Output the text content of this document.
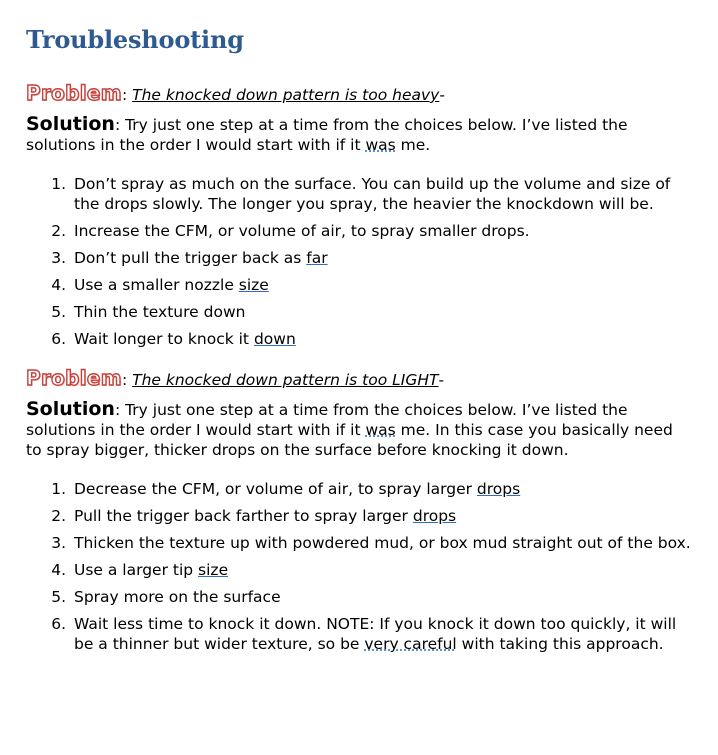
Troubleshooting
Problem: The knocked down pattern is too heavy-
Solution: Try just one step at a time from the choices below. I’ve listed the solutions in the order I would start with if it was me.
1. Don’t spray as much on the surface. You can build up the volume and size of the drops slowly. The longer you spray, the heavier the knockdown will be.
2. Increase the CFM, or volume of air, to spray smaller drops.
3. Don’t pull the trigger back as far
4. Use a smaller nozzle size
5. Thin the texture down
6. Wait longer to knock it down
Problem: The knocked down pattern is too LIGHT-
Solution: Try just one step at a time from the choices below. I’ve listed the solutions in the order I would start with if it was me. In this case you basically need to spray bigger, thicker drops on the surface before knocking it down.
1. Decrease the CFM, or volume of air, to spray larger drops
2. Pull the trigger back farther to spray larger drops
3. Thicken the texture up with powdered mud, or box mud straight out of the box.
4. Use a larger tip size
5. Spray more on the surface
6. Wait less time to knock it down. NOTE: If you knock it down too quickly, it will be a thinner but wider texture, so be very careful with taking this approach.
